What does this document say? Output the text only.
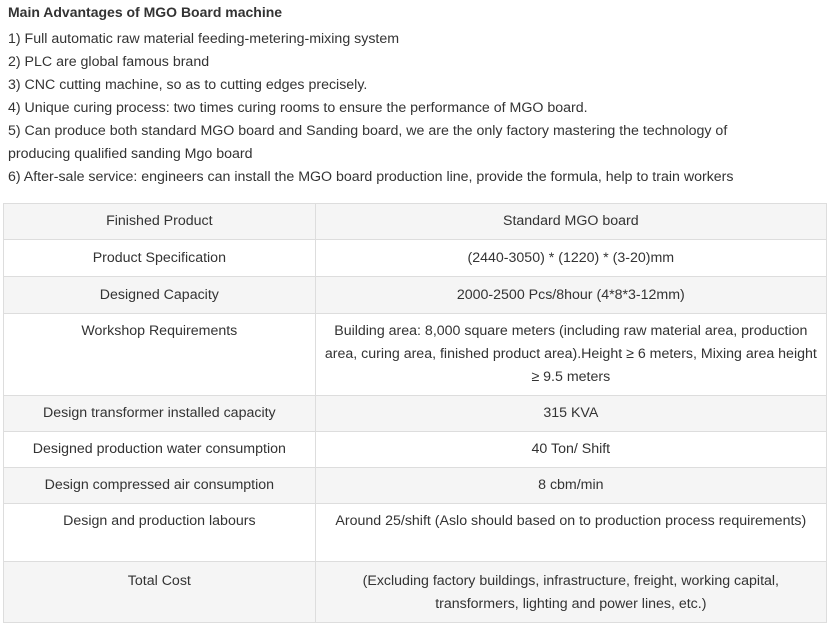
Main Advantages of MGO Board machine
1) Full automatic raw material feeding-metering-mixing system
2) PLC are global famous brand
3) CNC cutting machine, so as to cutting edges precisely.
4) Unique curing process: two times curing rooms to ensure the performance of MGO board.
5) Can produce both standard MGO board and Sanding board, we are the only factory mastering the technology of
producing qualified sanding Mgo board
6) After-sale service: engineers can install the MGO board production line, provide the formula, help to train workers
Finished Product	Standard MGO board
Product Specification	(2440-3050) * (1220) * (3-20)mm
Designed Capacity	2000-2500 Pcs/8hour (4*8*3-12mm)
Workshop Requirements	Building area: 8,000 square meters (including raw material area, production area, curing area, finished product area).Height ≥ 6 meters, Mixing area height ≥ 9.5 meters
Design transformer installed capacity	315 KVA
Designed production water consumption	40 Ton/ Shift
Design compressed air consumption	8 cbm/min
Design and production labours	Around 25/shift (Aslo should based on to production process requirements)
Total Cost	(Excluding factory buildings, infrastructure, freight, working capital, transformers, lighting and power lines, etc.)
